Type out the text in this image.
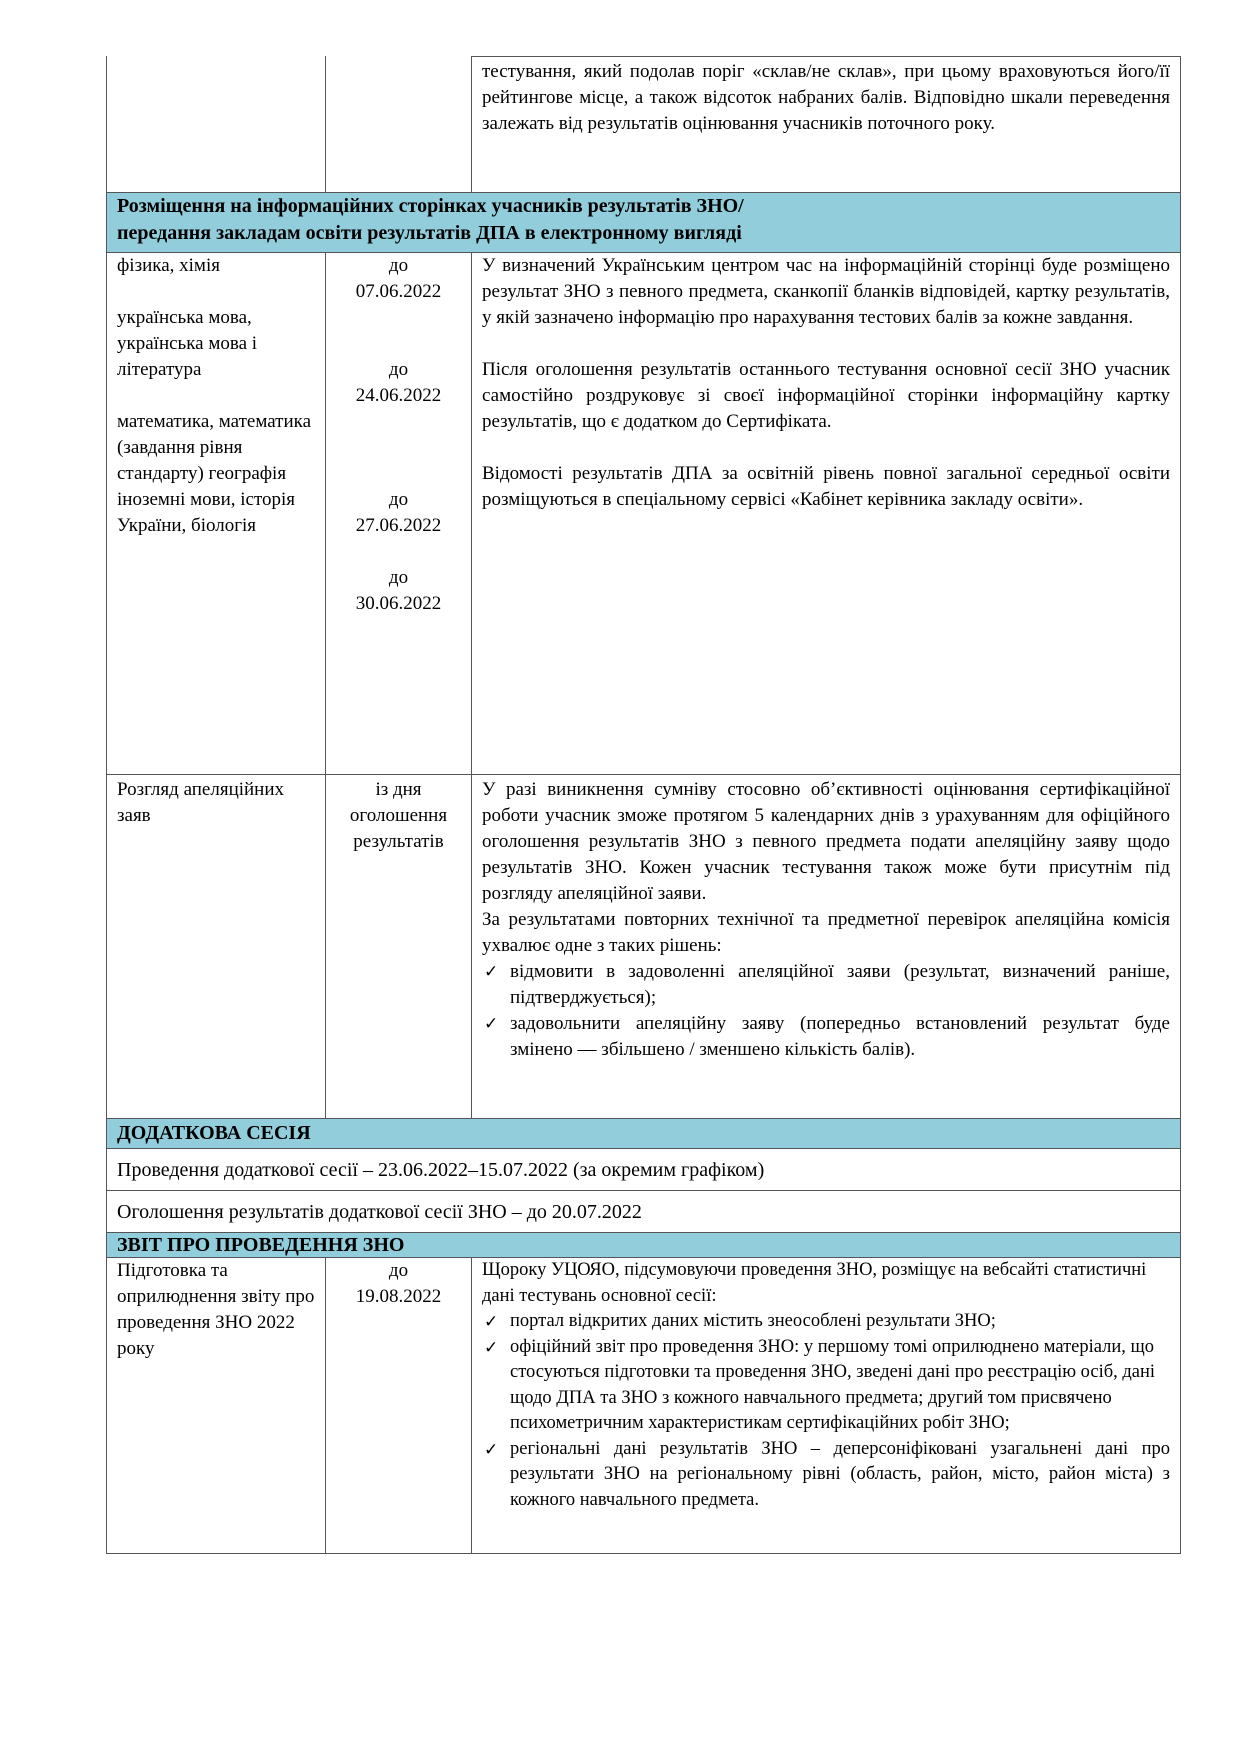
тестування, який подолав поріг «склав/не склав», при цьому враховуються його/її рейтингове місце, а також відсоток набраних балів. Відповідно шкали переведення залежать від результатів оцінювання учасників поточного року.

Розміщення на інформаційних сторінках учасників результатів ЗНО/
передання закладам освіти результатів ДПА в електронному вигляді

фізика, хімія

українська мова, українська мова і література

математика, математика (завдання рівня стандарту) географія

іноземні мови, історія України, біологія

до

07.06.2022

до

24.06.2022

до

27.06.2022

до

30.06.2022

У визначений Українським центром час на інформаційній сторінці буде розміщено результат ЗНО з певного предмета, сканкопії бланків відповідей, картку результатів, у якій зазначено інформацію про нарахування тестових балів за кожне завдання.

Після оголошення результатів останнього тестування основної сесії ЗНО учасник самостійно роздруковує зі своєї інформаційної сторінки інформаційну картку результатів, що є додатком до Сертифіката.

Відомості результатів ДПА за освітній рівень повної загальної середньої освіти розміщуються в спеціальному сервісі «Кабінет керівника закладу освіти».

Розгляд апеляційних заяв

із дня оголошення результатів

У разі виникнення сумніву стосовно об’єктивності оцінювання сертифікаційної роботи учасник зможе протягом 5 календарних днів з урахуванням для офіційного оголошення результатів ЗНО з певного предмета подати апеляційну заяву щодо результатів ЗНО. Кожен учасник тестування також може бути присутнім під розгляду апеляційної заяви.

За результатами повторних технічної та предметної перевірок апеляційна комісія ухвалює одне з таких рішень:

✓ відмовити в задоволенні апеляційної заяви (результат, визначений раніше, підтверджується);
✓ задовольнити апеляційну заяву (попередньо встановлений результат буде змінено — збільшено / зменшено кількість балів).
ДОДАТКОВА СЕСІЯ
Проведення додаткової сесії – 23.06.2022–15.07.2022 (за окремим графіком)
Оголошення результатів додаткової сесії ЗНО – до 20.07.2022
ЗВІТ ПРО ПРОВЕДЕННЯ ЗНО

Підготовка та оприлюднення звіту про проведення ЗНО 2022 року

до

19.08.2022

Щороку УЦОЯО, підсумовуючи проведення ЗНО, розміщує на вебсайті статистичні дані тестувань основної сесії:

✓ портал відкритих даних містить знеособлені результати ЗНО;
✓ офіційний звіт про проведення ЗНО: у першому томі оприлюднено матеріали, що стосуються підготовки та проведення ЗНО, зведені дані про реєстрацію осіб, дані щодо ДПА та ЗНО з кожного навчального предмета; другий том присвячено психометричним характеристикам сертифікаційних робіт ЗНО;
✓ регіональні дані результатів ЗНО – деперсоніфіковані узагальнені дані про результати ЗНО на регіональному рівні (область, район, місто, район міста) з кожного навчального предмета.
